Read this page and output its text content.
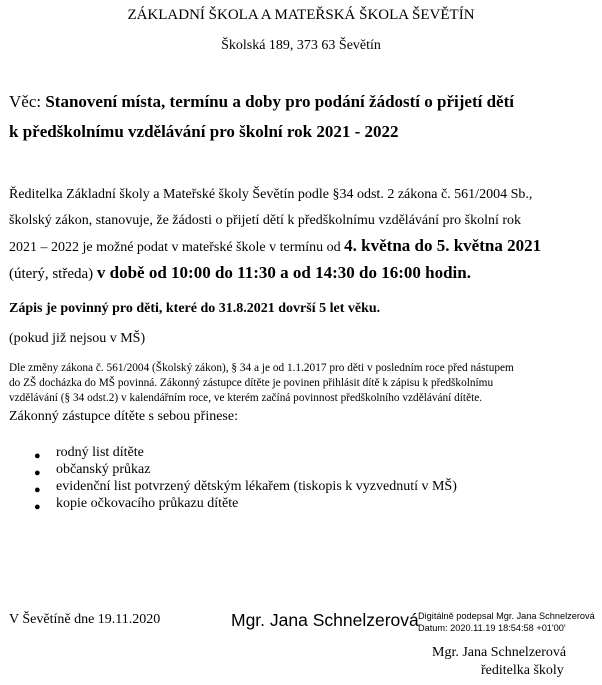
ZÁKLADNÍ ŠKOLA A MATEŘSKÁ ŠKOLA ŠEVĚTÍN
Školská 189, 373 63 Ševětín
Věc: Stanovení místa, termínu a doby pro podání žádostí o přijetí dětí
k předškolnímu vzdělávání pro školní rok 2021 - 2022
Ředitelka Základní školy a Mateřské školy Ševětín podle §34 odst. 2 zákona č. 561/2004 Sb.,
školský zákon, stanovuje, že žádosti o přijetí dětí k předškolnímu vzdělávání pro školní rok
2021 – 2022 je možné podat v mateřské škole v termínu od 4. května do 5. května 2021
(úterý, středa) v době od 10:00 do 11:30 a od 14:30 do 16:00 hodin.
Zápis je povinný pro děti, které do 31.8.2021 dovrší 5 let věku.
(pokud již nejsou v MŠ)
Dle změny zákona č. 561/2004 (Školský zákon), § 34 a je od 1.1.2017 pro děti v posledním roce před nástupem
do ZŠ docházka do MŠ povinná. Zákonný zástupce dítěte je povinen přihlásit dítě k zápisu k předškolnímu
vzdělávání (§ 34 odst.2) v kalendářním roce, ve kterém začíná povinnost předškolního vzdělávání dítěte.
Zákonný zástupce dítěte s sebou přinese:
● rodný list dítěte
● občanský průkaz
● evidenční list potvrzený dětským lékařem (tiskopis k vyzvednutí v MŠ)
● kopie očkovacího průkazu dítěte
V Ševětíně dne 19.11.2020	Mgr. Jana Schnelzerová Digitálně podepsal Mgr. Jana Schnelzerová
Datum: 2020.11.19 18:54:58 +01'00'
Mgr. Jana Schnelzerová
ředitelka školy
